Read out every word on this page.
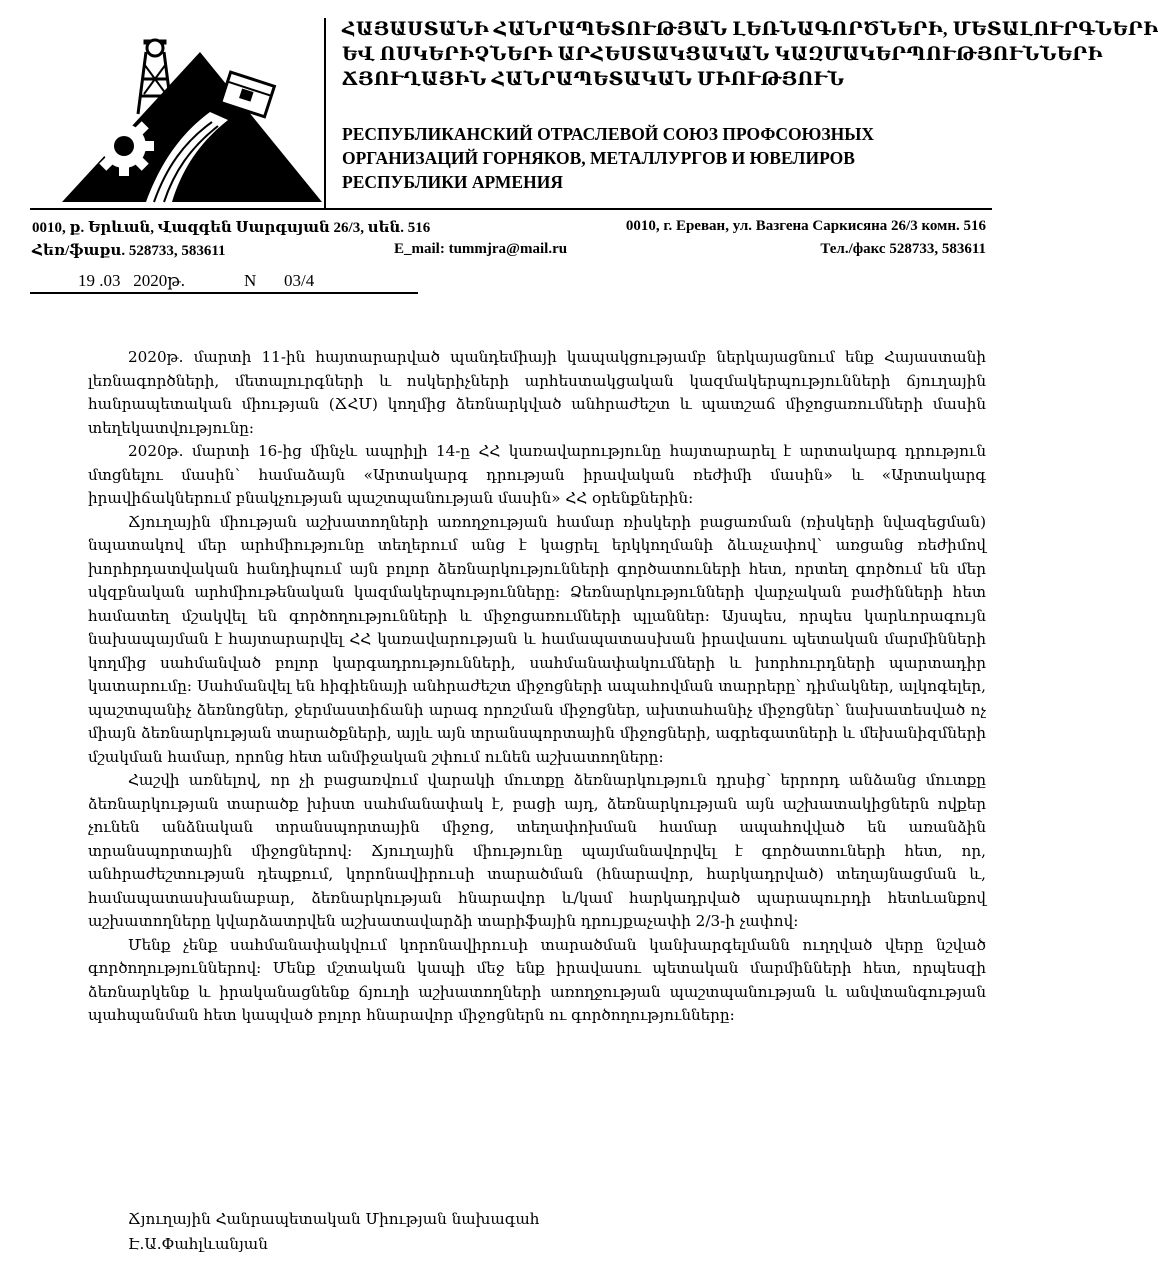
ՀԱՅԱՍՏԱՆԻ ՀԱՆՐԱՊԵՏՈՒԹՅԱՆ ԼԵՌՆԱԳՈՐԾՆԵՐԻ, ՄԵՏԱԼՈՒՐԳՆԵՐԻ
ԵՎ ՈՍԿԵՐԻՉՆԵՐԻ ԱՐՀԵՍՏԱԿՑԱԿԱՆ ԿԱԶՄԱԿԵՐՊՈՒԹՅՈՒՆՆԵՐԻ
ՃՅՈՒՂԱՅԻՆ ՀԱՆՐԱՊԵՏԱԿԱՆ ՄԻՈՒԹՅՈՒՆ
РЕСПУБЛИКАНСКИЙ ОТРАСЛЕВОЙ СОЮЗ ПРОФСОЮЗНЫХ
ОРГАНИЗАЦИЙ ГОРНЯКОВ, МЕТАЛЛУРГОВ И ЮВЕЛИРОВ
РЕСПУБЛИКИ АРМЕНИЯ
0010, ք. Երևան, Վազգեն Սարգսյան 26/3, սեն. 516	0010, г. Ереван, ул. Вазгена Саркисяна 26/3 комн. 516
Հեռ/ֆաքս. 528733, 583611	E_mail: tummjra@mail.ru	Тел./факс 528733, 583611
19 .03   2020թ.	N 03/4

2020թ. մարտի 11-ին հայտարարված պանդեմիայի կապակցությամբ ներկայացնում ենք Հայաստանի լեռնագործների, մետալուրգների և ոսկերիչների արհեստակցական կազմակերպությունների ճյուղային հանրապետական միության (ՃՀՄ) կողմից ձեռնարկված անհրաժեշտ և պատշաճ միջոցառումների մասին տեղեկատվությունը:

2020թ. մարտի 16-ից մինչև ապրիլի 14-ը ՀՀ կառավարությունը հայտարարել է արտակարգ դրություն մտցնելու մասին՝ համաձայն «Արտակարգ դրության իրավական ռեժիմի մասին» և «Արտակարգ իրավիճակներում բնակչության պաշտպանության մասին» ՀՀ օրենքներին:

Ճյուղային միության աշխատողների առողջության համար ռիսկերի բացառման (ռիսկերի նվազեցման) նպատակով մեր արհմիությունը տեղերում անց է կացրել երկկողմանի ձևաչափով՝ առցանց ռեժիմով խորհրդատվական հանդիպում այն բոլոր ձեռնարկությունների գործատուների հետ, որտեղ գործում են մեր սկզբնական արհմիութենական կազմակերպությունները: Ձեռնարկությունների վարչական բաժինների հետ համատեղ մշակվել են գործողությունների և միջոցառումների պլաններ: Այսպես, որպես կարևորագույն նախապայման է հայտարարվել ՀՀ կառավարության և համապատասխան իրավասու պետական մարմինների կողմից սահմանված բոլոր կարգադրությունների, սահմանափակումների և խորհուրդների պարտադիր կատարումը: Սահմանվել են հիգիենայի անհրաժեշտ միջոցների ապահովման տարրերը՝ դիմակներ, ալկոգելեր, պաշտպանիչ ձեռնոցներ, ջերմաստիճանի արագ որոշման միջոցներ, ախտահանիչ միջոցներ՝ նախատեսված ոչ միայն ձեռնարկության տարածքների, այլև այն տրանսպորտային միջոցների, ագրեգատների և մեխանիզմների մշակման համար, որոնց հետ անմիջական շփում ունեն աշխատողները:

Հաշվի առնելով, որ չի բացառվում վարակի մուտքը ձեռնարկություն դրսից՝ երրորդ անձանց մուտքը ձեռնարկության տարածք խիստ սահմանափակ է, բացի այդ, ձեռնարկության այն աշխատակիցներն ովքեր չունեն անձնական տրանսպորտային միջոց, տեղափոխման համար ապահովված են առանձին տրանսպորտային միջոցներով: Ճյուղային միությունը պայմանավորվել է գործատուների հետ, որ, անհրաժեշտության դեպքում, կորոնավիրուսի տարածման (հնարավոր, հարկադրված) տեղայնացման և, համապատասխանաբար, ձեռնարկության հնարավոր և/կամ հարկադրված պարապուրդի հետևանքով աշխատողները կվարձատրվեն աշխատավարձի տարիֆային դրույքաչափի 2/3-ի չափով:

Մենք չենք սահմանափակվում կորոնավիրուսի տարածման կանխարգելմանն ուղղված վերը նշված գործողություններով: Մենք մշտական կապի մեջ ենք իրավասու պետական մարմինների հետ, որպեսզի ձեռնարկենք և իրականացնենք ճյուղի աշխատողների առողջության պաշտպանության և անվտանգության պահպանման հետ կապված բոլոր հնարավոր միջոցներն ու գործողությունները:

Ճյուղային Հանրապետական Միության նախագահ
Է.Ա.Փահլևանյան
